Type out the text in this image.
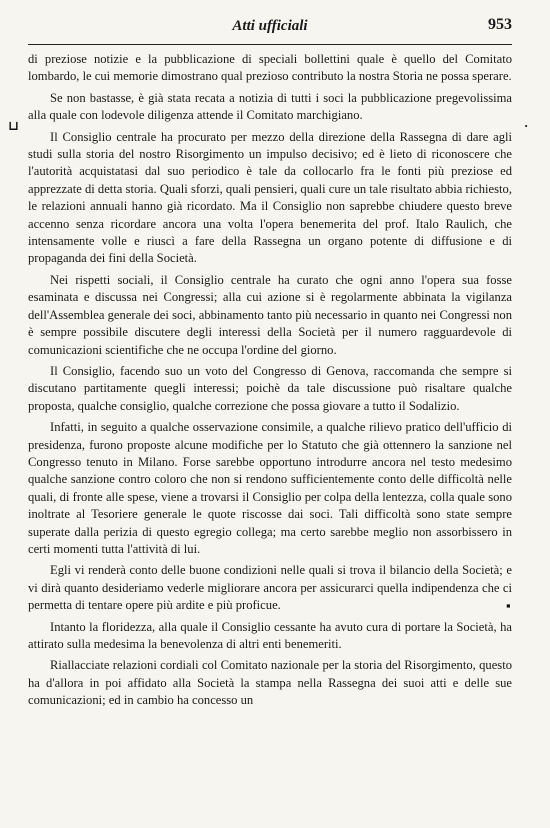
Atti ufficiali	953
⊔	·
▪

di preziose notizie e la pubblicazione di speciali bollettini quale è quello del Comitato lombardo, le cui memorie dimostrano qual prezioso contributo la nostra Storia ne possa sperare.

Se non bastasse, è già stata recata a notizia di tutti i soci la pubblicazione pregevolissima alla quale con lodevole diligenza attende il Comitato marchigiano.

Il Consiglio centrale ha procurato per mezzo della direzione della Rassegna di dare agli studi sulla storia del nostro Risorgimento un impulso decisivo; ed è lieto di riconoscere che l'autorità acquistatasi dal suo periodico è tale da collocarlo fra le fonti più preziose ed apprezzate di detta storia. Quali sforzi, quali pensieri, quali cure un tale risultato abbia richiesto, le relazioni annuali hanno già ricordato. Ma il Consiglio non saprebbe chiudere questo breve accenno senza ricordare ancora una volta l'opera benemerita del prof. Italo Raulich, che intensamente volle e riuscì a fare della Rassegna un organo potente di diffusione e di propaganda dei fini della Società.

Nei rispetti sociali, il Consiglio centrale ha curato che ogni anno l'opera sua fosse esaminata e discussa nei Congressi; alla cui azione si è regolarmente abbinata la vigilanza dell'Assemblea generale dei soci, abbinamento tanto più necessario in quanto nei Congressi non è sempre possibile discutere degli interessi della Società per il numero ragguardevole di comunicazioni scientifiche che ne occupa l'ordine del giorno.

Il Consiglio, facendo suo un voto del Congresso di Genova, raccomanda che sempre si discutano partitamente quegli interessi; poichè da tale discussione può risaltare qualche proposta, qualche consiglio, qualche correzione che possa giovare a tutto il Sodalizio.

Infatti, in seguito a qualche osservazione consimile, a qualche rilievo pratico dell'ufficio di presidenza, furono proposte alcune modifiche per lo Statuto che già ottennero la sanzione nel Congresso tenuto in Milano. Forse sarebbe opportuno introdurre ancora nel testo medesimo qualche sanzione contro coloro che non si rendono sufficientemente conto delle difficoltà nelle quali, di fronte alle spese, viene a trovarsi il Consiglio per colpa della lentezza, colla quale sono inoltrate al Tesoriere generale le quote riscosse dai soci. Tali difficoltà sono state sempre superate dalla perizia di questo egregio collega; ma certo sarebbe meglio non assorbissero in certi momenti tutta l'attività di lui.

Egli vi renderà conto delle buone condizioni nelle quali si trova il bilancio della Società; e vi dirà quanto desideriamo vederle migliorare ancora per assicurarci quella indipendenza che ci permetta di tentare opere più ardite e più proficue.

Intanto la floridezza, alla quale il Consiglio cessante ha avuto cura di portare la Società, ha attirato sulla medesima la benevolenza di altri enti benemeriti.

Riallacciate relazioni cordiali col Comitato nazionale per la storia del Risorgimento, questo ha d'allora in poi affidato alla Società la stampa nella Rassegna dei suoi atti e delle sue comunicazioni; ed in cambio ha concesso un
